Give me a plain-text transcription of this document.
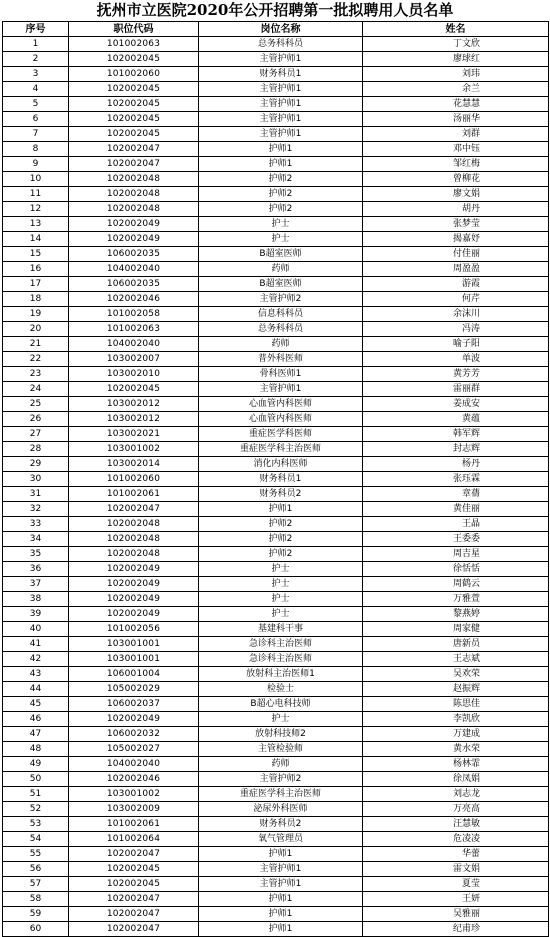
抚州市立医院2020年公开招聘第一批拟聘用人员名单
序号	职位代码	岗位名称	姓名
1	101002063	总务科科员	丁文欣
2	102002045	主管护师1	廖球红
3	101002060	财务科员1	刘玮
4	102002045	主管护师1	余兰
5	102002045	主管护师1	花慧慧
6	102002045	主管护师1	汤丽华
7	102002045	主管护师1	刘群
8	102002047	护师1	邓中钰
9	102002047	护师1	邹红梅
10	102002048	护师2	曾柳花
11	102002048	护师2	廖文娟
12	102002048	护师2	胡丹
13	102002049	护士	张梦莹
14	102002049	护士	揭嘉妤
15	106002035	B超室医师	付佳丽
16	104002040	药师	周盈盈
17	106002035	B超室医师	游霞
18	102002046	主管护师2	何芹
19	101002058	信息科科员	余沫川
20	101002063	总务科科员	冯涛
21	104002040	药师	喻子阳
22	103002007	普外科医师	单波
23	103002010	骨科医师1	黄芳芳
24	102002045	主管护师1	雷丽群
25	103002012	心血管内科医师	姜成安
26	103002012	心血管内科医师	黄蕴
27	103002021	重症医学科医师	韩军辉
28	103001002	重症医学科主治医师	封志辉
29	103002014	消化内科医师	杨丹
30	101002060	财务科员1	张珏霖
31	101002061	财务科员2	章蒨
32	102002047	护师1	黄佳丽
33	102002048	护师2	王晶
34	102002048	护师2	王委委
35	102002048	护师2	周吉星
36	102002049	护士	徐恬恬
37	102002049	护士	周鹤云
38	102002049	护士	万雅萱
39	102002049	护士	黎燕婷
40	101002056	基建科干事	周家健
41	103001001	急诊科主治医师	唐新员
42	103001001	急诊科主治医师	王志斌
43	106001004	放射科主治医师1	吴欢荣
44	105002029	检验士	赵振辉
45	106002037	B超心电科技师	陈思佳
46	102002049	护士	李凯欣
47	106002032	放射科技师2	万建成
48	105002027	主管检验师	黄水荣
49	104002040	药师	杨林霏
50	102002046	主管护师2	徐凤娟
51	103001002	重症医学科主治医师	刘志龙
52	103002009	泌尿外科医师	万亮高
53	101002061	财务科员2	汪慧敏
54	101002064	氧气管理员	危凌凌
55	102002047	护师1	华蕾
56	102002045	主管护师1	雷文娟
57	102002045	主管护师1	夏莹
58	102002047	护师1	王妍
59	102002047	护师1	吴雅丽
60	102002047	护师1	纪甫珍
